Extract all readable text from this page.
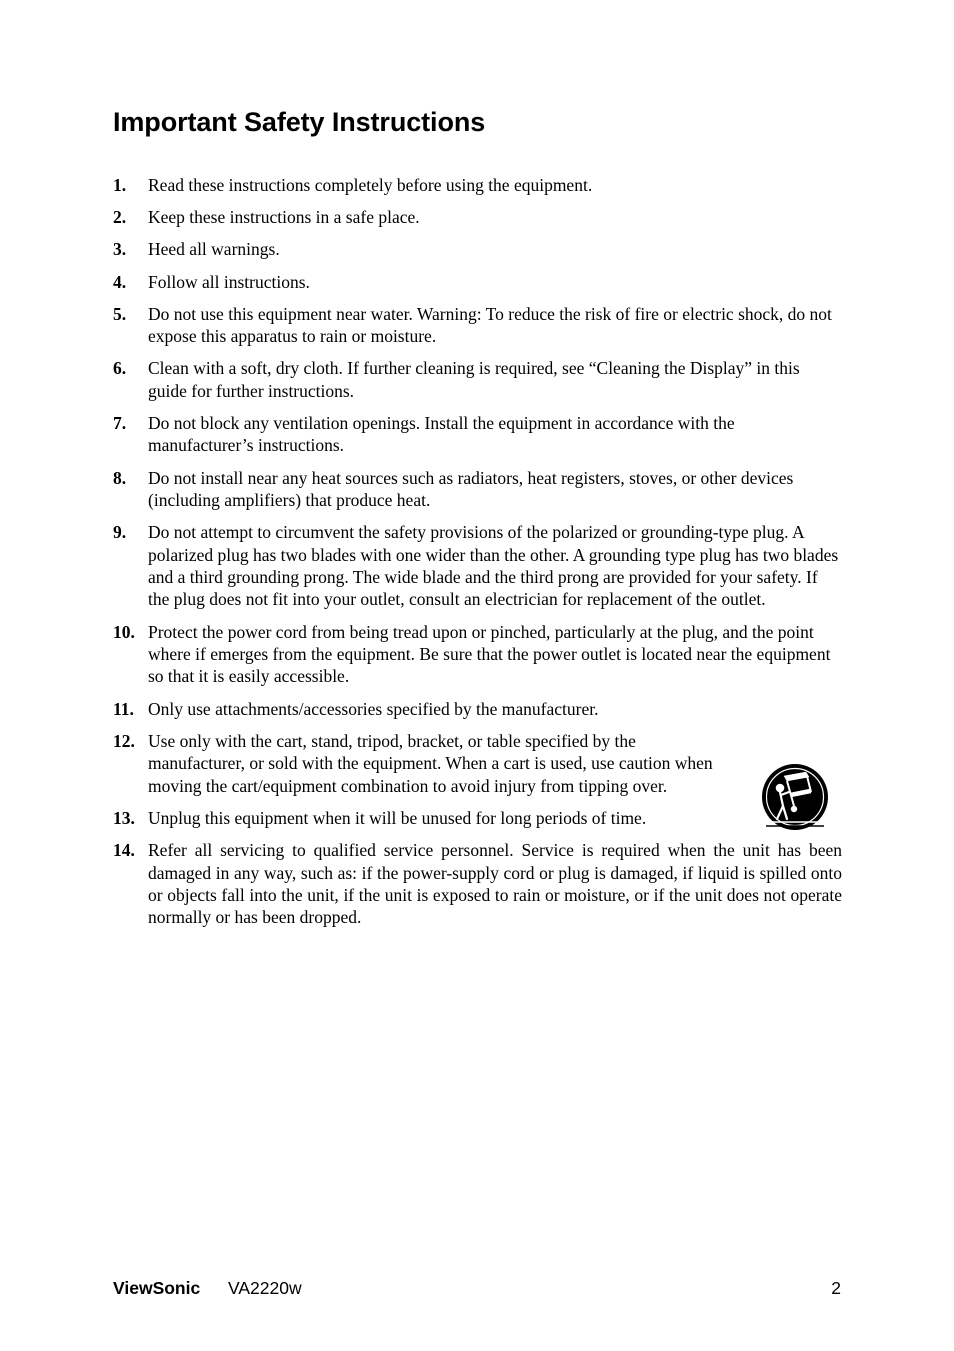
Important Safety Instructions
1. Read these instructions completely before using the equipment.
2. Keep these instructions in a safe place.
3. Heed all warnings.
4. Follow all instructions.
5. Do not use this equipment near water. Warning: To reduce the risk of fire or electric shock, do not expose this apparatus to rain or moisture.
6. Clean with a soft, dry cloth. If further cleaning is required, see “Cleaning the Display” in this guide for further instructions.
7. Do not block any ventilation openings. Install the equipment in accordance with the manufacturer’s instructions.
8. Do not install near any heat sources such as radiators, heat registers, stoves, or other devices (including amplifiers) that produce heat.
9. Do not attempt to circumvent the safety provisions of the polarized or grounding-type plug. A polarized plug has two blades with one wider than the other. A grounding type plug has two blades and a third grounding prong. The wide blade and the third prong are provided for your safety. If the plug does not fit into your outlet, consult an electrician for replacement of the outlet.
10. Protect the power cord from being tread upon or pinched, particularly at the plug, and the point where if emerges from the equipment. Be sure that the power outlet is located near the equipment so that it is easily accessible.
11. Only use attachments/accessories specified by the manufacturer.
12. Use only with the cart, stand, tripod, bracket, or table specified by the manufacturer, or sold with the equipment. When a cart is used, use caution when moving the cart/equipment combination to avoid injury from tipping over.
13. Unplug this equipment when it will be unused for long periods of time.
14. Refer all servicing to qualified service personnel. Service is required when the unit has been damaged in any way, such as: if the power-supply cord or plug is damaged, if liquid is spilled onto or objects fall into the unit, if the unit is exposed to rain or moisture, or if the unit does not operate normally or has been dropped.
ViewSonic VA2220w	2
